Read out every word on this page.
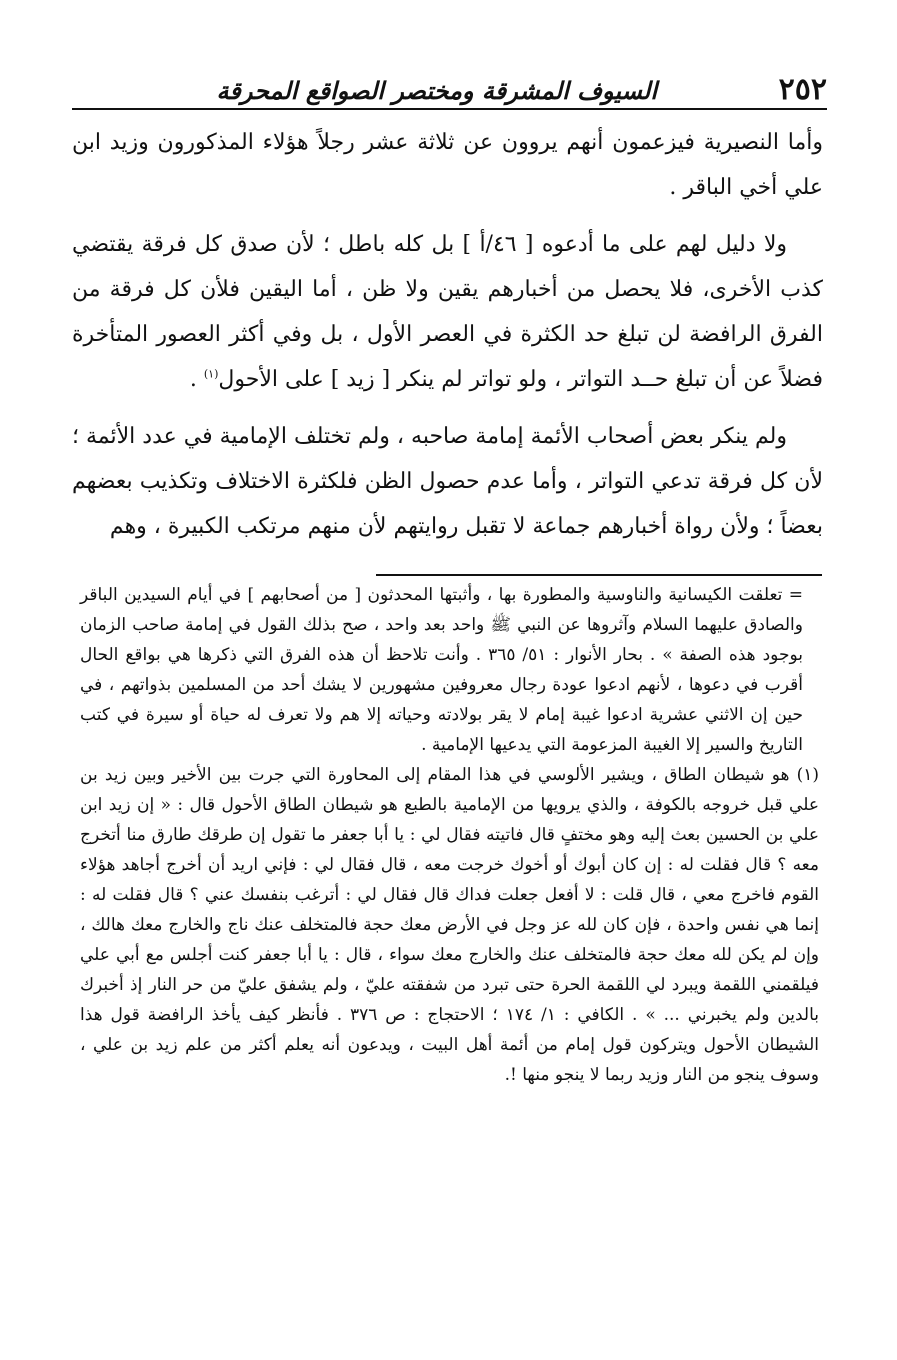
٢٥٢
السيوف المشرقة ومختصر الصواقع المحرقة

وأما النصيرية فيزعمون أنهم يروون عن ثلاثة عشر رجلاً هؤلاء المذكورون وزيد ابن علي أخي الباقر .

ولا دليل لهم على ما أدعوه [ ٤٦/أ ] بل كله باطل ؛ لأن صدق كل فرقة يقتضي كذب الأخرى، فلا يحصل من أخبارهم يقين ولا ظن ، أما اليقين فلأن كل فرقة من الفرق الرافضة لن تبلغ حد الكثرة في العصر الأول ، بل وفي أكثر العصور المتأخرة فضلاً عن أن تبلغ حــد التواتر ، ولو تواتر لم ينكر [ زيد ] على الأحول$^{(١)}$ .

ولم ينكر بعض أصحاب الأئمة إمامة صاحبه ، ولم تختلف الإمامية في عدد الأئمة ؛ لأن كل فرقة تدعي التواتر ، وأما عدم حصول الظن فلكثرة الاختلاف وتكذيب بعضهم بعضاً ؛ ولأن رواة أخبارهم جماعة لا تقبل روايتهم لأن منهم مرتكب الكبيرة ، وهم

= تعلقت الكيسانية والناوسية والمطورة بها ، وأثبتها المحدثون [ من أصحابهم ] في أيام السيدين الباقر والصادق عليهما السلام وآثروها عن النبي ﷺ واحد بعد واحد ، صح بذلك القول في إمامة صاحب الزمان بوجود هذه الصفة » . بحار الأنوار : ٥١/ ٣٦٥ . وأنت تلاحظ أن هذه الفرق التي ذكرها هي بواقع الحال أقرب في دعوها ، لأنهم ادعوا عودة رجال معروفين مشهورين لا يشك أحد من المسلمين بذواتهم ، في حين إن الاثني عشرية ادعوا غيبة إمام لا يقر بولادته وحياته إلا هم ولا تعرف له حياة أو سيرة في كتب التاريخ والسير إلا الغيبة المزعومة التي يدعيها الإمامية .

(١) هو شيطان الطاق ، ويشير الألوسي في هذا المقام إلى المحاورة التي جرت بين الأخير وبين زيد بن علي قبل خروجه بالكوفة ، والذي يرويها من الإمامية بالطبع هو شيطان الطاق الأحول قال : « إن زيد ابن علي بن الحسين بعث إليه وهو مختفٍ قال فاتيته فقال لي : يا أبا جعفر ما تقول إن طرقك طارق منا أتخرج معه ؟ قال فقلت له : إن كان أبوك أو أخوك خرجت معه ، قال فقال لي : فإني اريد أن أخرج أجاهد هؤلاء القوم فاخرج معي ، قال قلت : لا أفعل جعلت فداك قال فقال لي : أترغب بنفسك عني ؟ قال فقلت له : إنما هي نفس واحدة ، فإن كان لله عز وجل في الأرض معك حجة فالمتخلف عنك ناج والخارج معك هالك ، وإن لم يكن لله معك حجة فالمتخلف عنك والخارج معك سواء ، قال : يا أبا جعفر كنت أجلس مع أبي علي فيلقمني اللقمة ويبرد لي اللقمة الحرة حتى تبرد من شفقته عليّ ، ولم يشفق عليّ من حر النار إذ أخبرك بالدين ولم يخبرني ... » . الكافي : ١/ ١٧٤ ؛ الاحتجاج : ص ٣٧٦ . فأنظر كيف يأخذ الرافضة قول هذا الشيطان الأحول ويتركون قول إمام من أئمة أهل البيت ، ويدعون أنه يعلم أكثر من علم زيد بن علي ، وسوف ينجو من النار وزيد ربما لا ينجو منها !.
